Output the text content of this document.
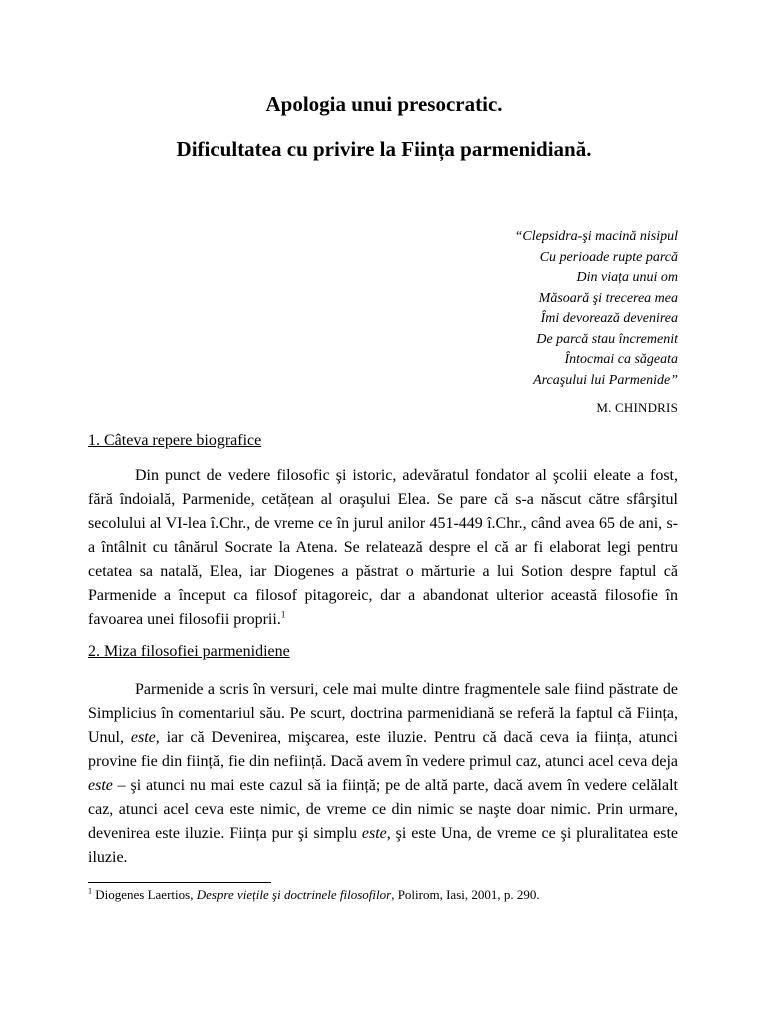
Apologia unui presocratic.
Dificultatea cu privire la Ființa parmenidiană.
“Clepsidra-şi macină nisipul
Cu perioade rupte parcă
Din viața unui om
Măsoară şi trecerea mea
Îmi devorează devenirea
De parcă stau încremenit
Întocmai ca săgeata
Arcaşului lui Parmenide”
M. CHINDRIS
1. Câteva repere biografice

Din punct de vedere filosofic şi istoric, adevăratul fondator al şcolii eleate a fost, fără îndoială, Parmenide, cetățean al oraşului Elea. Se pare că s-a născut către sfârşitul secolului al VI-lea î.Chr., de vreme ce în jurul anilor 451-449 î.Chr., când avea 65 de ani, s-a întâlnit cu tânărul Socrate la Atena. Se relatează despre el că ar fi elaborat legi pentru cetatea sa natală, Elea, iar Diogenes a păstrat o mărturie a lui Sotion despre faptul că Parmenide a început ca filosof pitagoreic, dar a abandonat ulterior această filosofie în favoarea unei filosofii proprii.$^1$

2. Miza filosofiei parmenidiene

Parmenide a scris în versuri, cele mai multe dintre fragmentele sale fiind păstrate de Simplicius în comentariul său. Pe scurt, doctrina parmenidiană se referă la faptul că Ființa, Unul, este, iar că Devenirea, mişcarea, este iluzie. Pentru că dacă ceva ia ființa, atunci provine fie din ființă, fie din neființă. Dacă avem în vedere primul caz, atunci acel ceva deja este – şi atunci nu mai este cazul să ia ființă; pe de altă parte, dacă avem în vedere celălalt caz, atunci acel ceva este nimic, de vreme ce din nimic se naşte doar nimic. Prin urmare, devenirea este iluzie. Ființa pur şi simplu este, şi este Una, de vreme ce şi pluralitatea este iluzie.

$^1$ Diogenes Laertios, Despre viețile şi doctrinele filosofilor, Polirom, Iasi, 2001, p. 290.
